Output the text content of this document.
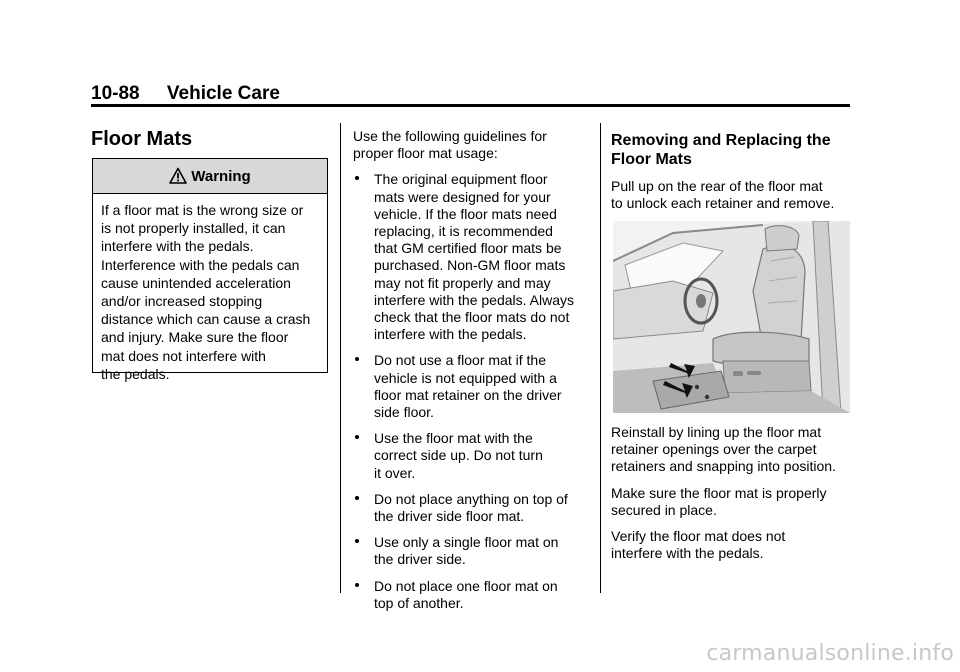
10-88 Vehicle Care
Floor Mats
Warning
If a floor mat is the wrong size or
is not properly installed, it can
interfere with the pedals.
Interference with the pedals can
cause unintended acceleration
and/or increased stopping
distance which can cause a crash
and injury. Make sure the floor
mat does not interfere with
the pedals.

Use the following guidelines for
proper floor mat usage:

The original equipment floor
mats were designed for your
vehicle. If the floor mats need
replacing, it is recommended
that GM certified floor mats be
purchased. Non-GM floor mats
may not fit properly and may
interfere with the pedals. Always
check that the floor mats do not
interfere with the pedals.
Do not use a floor mat if the
vehicle is not equipped with a
floor mat retainer on the driver
side floor.
Use the floor mat with the
correct side up. Do not turn
it over.
Do not place anything on top of
the driver side floor mat.
Use only a single floor mat on
the driver side.
Do not place one floor mat on
top of another.
Removing and Replacing the
Floor Mats

Pull up on the rear of the floor mat
to unlock each retainer and remove.

Reinstall by lining up the floor mat
retainer openings over the carpet
retainers and snapping into position.

Make sure the floor mat is properly
secured in place.

Verify the floor mat does not
interfere with the pedals.

carmanualsonline.info
